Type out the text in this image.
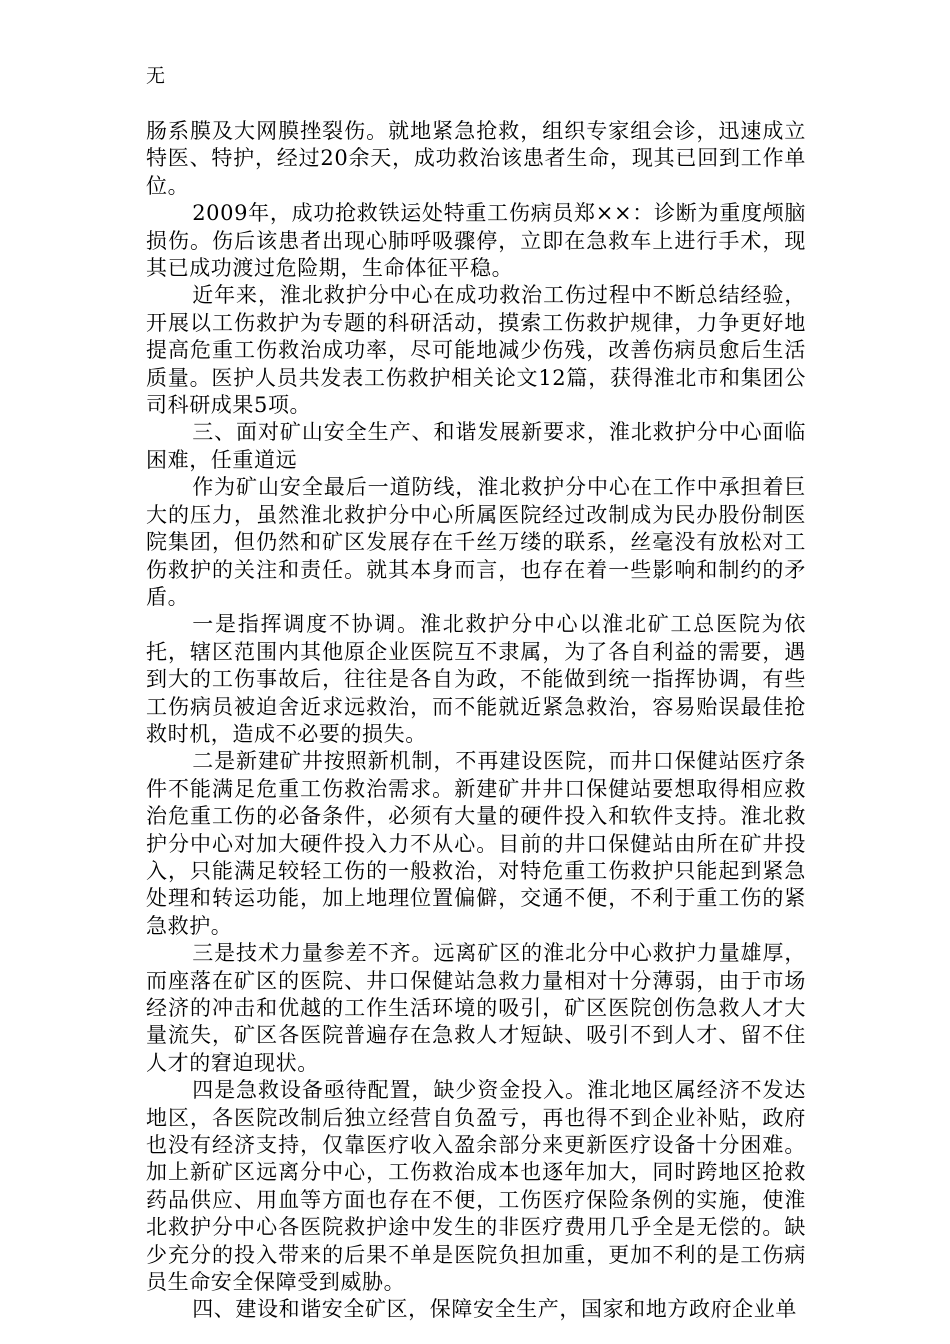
无

肠系膜及大网膜挫裂伤。就地紧急抢救，组织专家组会诊，迅速成立特医、特护，经过20余天，成功救治该患者生命，现其已回到工作单位。

2009年，成功抢救铁运处特重工伤病员郑××：诊断为重度颅脑损伤。伤后该患者出现心肺呼吸骤停，立即在急救车上进行手术，现其已成功渡过危险期，生命体征平稳。

近年来，淮北救护分中心在成功救治工伤过程中不断总结经验，开展以工伤救护为专题的科研活动，摸索工伤救护规律，力争更好地提高危重工伤救治成功率，尽可能地减少伤残，改善伤病员愈后生活质量。医护人员共发表工伤救护相关论文12篇，获得淮北市和集团公司科研成果5项。

三、面对矿山安全生产、和谐发展新要求，淮北救护分中心面临困难，任重道远

作为矿山安全最后一道防线，淮北救护分中心在工作中承担着巨大的压力，虽然淮北救护分中心所属医院经过改制成为民办股份制医院集团，但仍然和矿区发展存在千丝万缕的联系，丝毫没有放松对工伤救护的关注和责任。就其本身而言，也存在着一些影响和制约的矛盾。

一是指挥调度不协调。淮北救护分中心以淮北矿工总医院为依托，辖区范围内其他原企业医院互不隶属，为了各自利益的需要，遇到大的工伤事故后，往往是各自为政，不能做到统一指挥协调，有些工伤病员被迫舍近求远救治，而不能就近紧急救治，容易贻误最佳抢救时机，造成不必要的损失。

二是新建矿井按照新机制，不再建设医院，而井口保健站医疗条件不能满足危重工伤救治需求。新建矿井井口保健站要想取得相应救治危重工伤的必备条件，必须有大量的硬件投入和软件支持。淮北救护分中心对加大硬件投入力不从心。目前的井口保健站由所在矿井投入，只能满足较轻工伤的一般救治，对特危重工伤救护只能起到紧急处理和转运功能，加上地理位置偏僻，交通不便，不利于重工伤的紧急救护。

三是技术力量参差不齐。远离矿区的淮北分中心救护力量雄厚，而座落在矿区的医院、井口保健站急救力量相对十分薄弱，由于市场经济的冲击和优越的工作生活环境的吸引，矿区医院创伤急救人才大量流失，矿区各医院普遍存在急救人才短缺、吸引不到人才、留不住人才的窘迫现状。

四是急救设备亟待配置，缺少资金投入。淮北地区属经济不发达地区，各医院改制后独立经营自负盈亏，再也得不到企业补贴，政府也没有经济支持，仅靠医疗收入盈余部分来更新医疗设备十分困难。加上新矿区远离分中心，工伤救治成本也逐年加大，同时跨地区抢救药品供应、用血等方面也存在不便，工伤医疗保险条例的实施，使淮北救护分中心各医院救护途中发生的非医疗费用几乎全是无偿的。缺少充分的投入带来的后果不单是医院负担加重，更加不利的是工伤病员生命安全保障受到威胁。

四、建设和谐安全矿区，保障安全生产，国家和地方政府企业单
